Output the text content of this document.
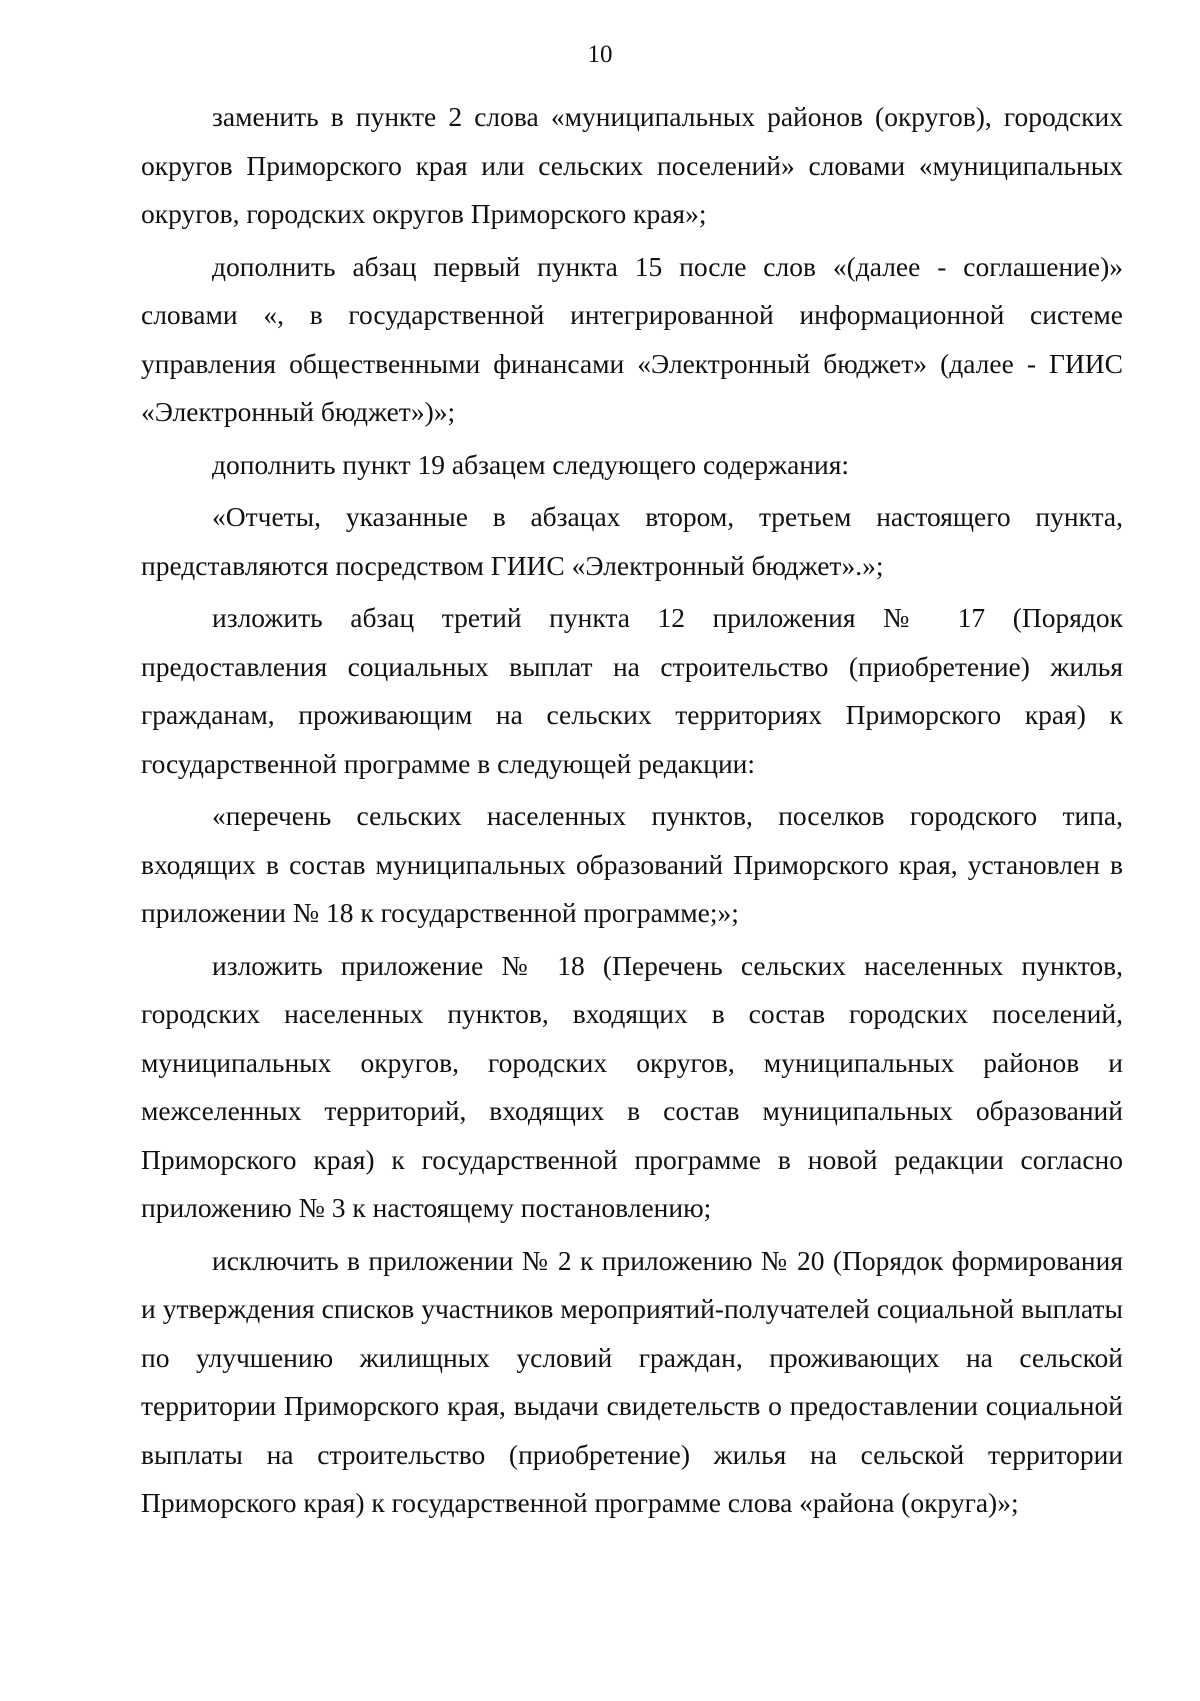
10

заменить в пункте 2 слова «муниципальных районов (округов), городских округов Приморского края или сельских поселений» словами «муниципальных округов, городских округов Приморского края»;

дополнить абзац первый пункта 15 после слов «(далее - соглашение)» словами «, в государственной интегрированной информационной системе управления общественными финансами «Электронный бюджет» (далее - ГИИС «Электронный бюджет»)»;

дополнить пункт 19 абзацем следующего содержания:

«Отчеты, указанные в абзацах втором, третьем настоящего пункта, представляются посредством ГИИС «Электронный бюджет».»;

изложить абзац третий пункта 12 приложения № 17 (Порядок предоставления социальных выплат на строительство (приобретение) жилья гражданам, проживающим на сельских территориях Приморского края) к государственной программе в следующей редакции:

«перечень сельских населенных пунктов, поселков городского типа, входящих в состав муниципальных образований Приморского края, установлен в приложении № 18 к государственной программе;»;

изложить приложение № 18 (Перечень сельских населенных пунктов, городских населенных пунктов, входящих в состав городских поселений, муниципальных округов, городских округов, муниципальных районов и межселенных территорий, входящих в состав муниципальных образований Приморского края) к государственной программе в новой редакции согласно приложению № 3 к настоящему постановлению;

исключить в приложении № 2 к приложению № 20 (Порядок формирования и утверждения списков участников мероприятий-получателей социальной выплаты по улучшению жилищных условий граждан, проживающих на сельской территории Приморского края, выдачи свидетельств о предоставлении социальной выплаты на строительство (приобретение) жилья на сельской территории Приморского края) к государственной программе слова «района (округа)»;
